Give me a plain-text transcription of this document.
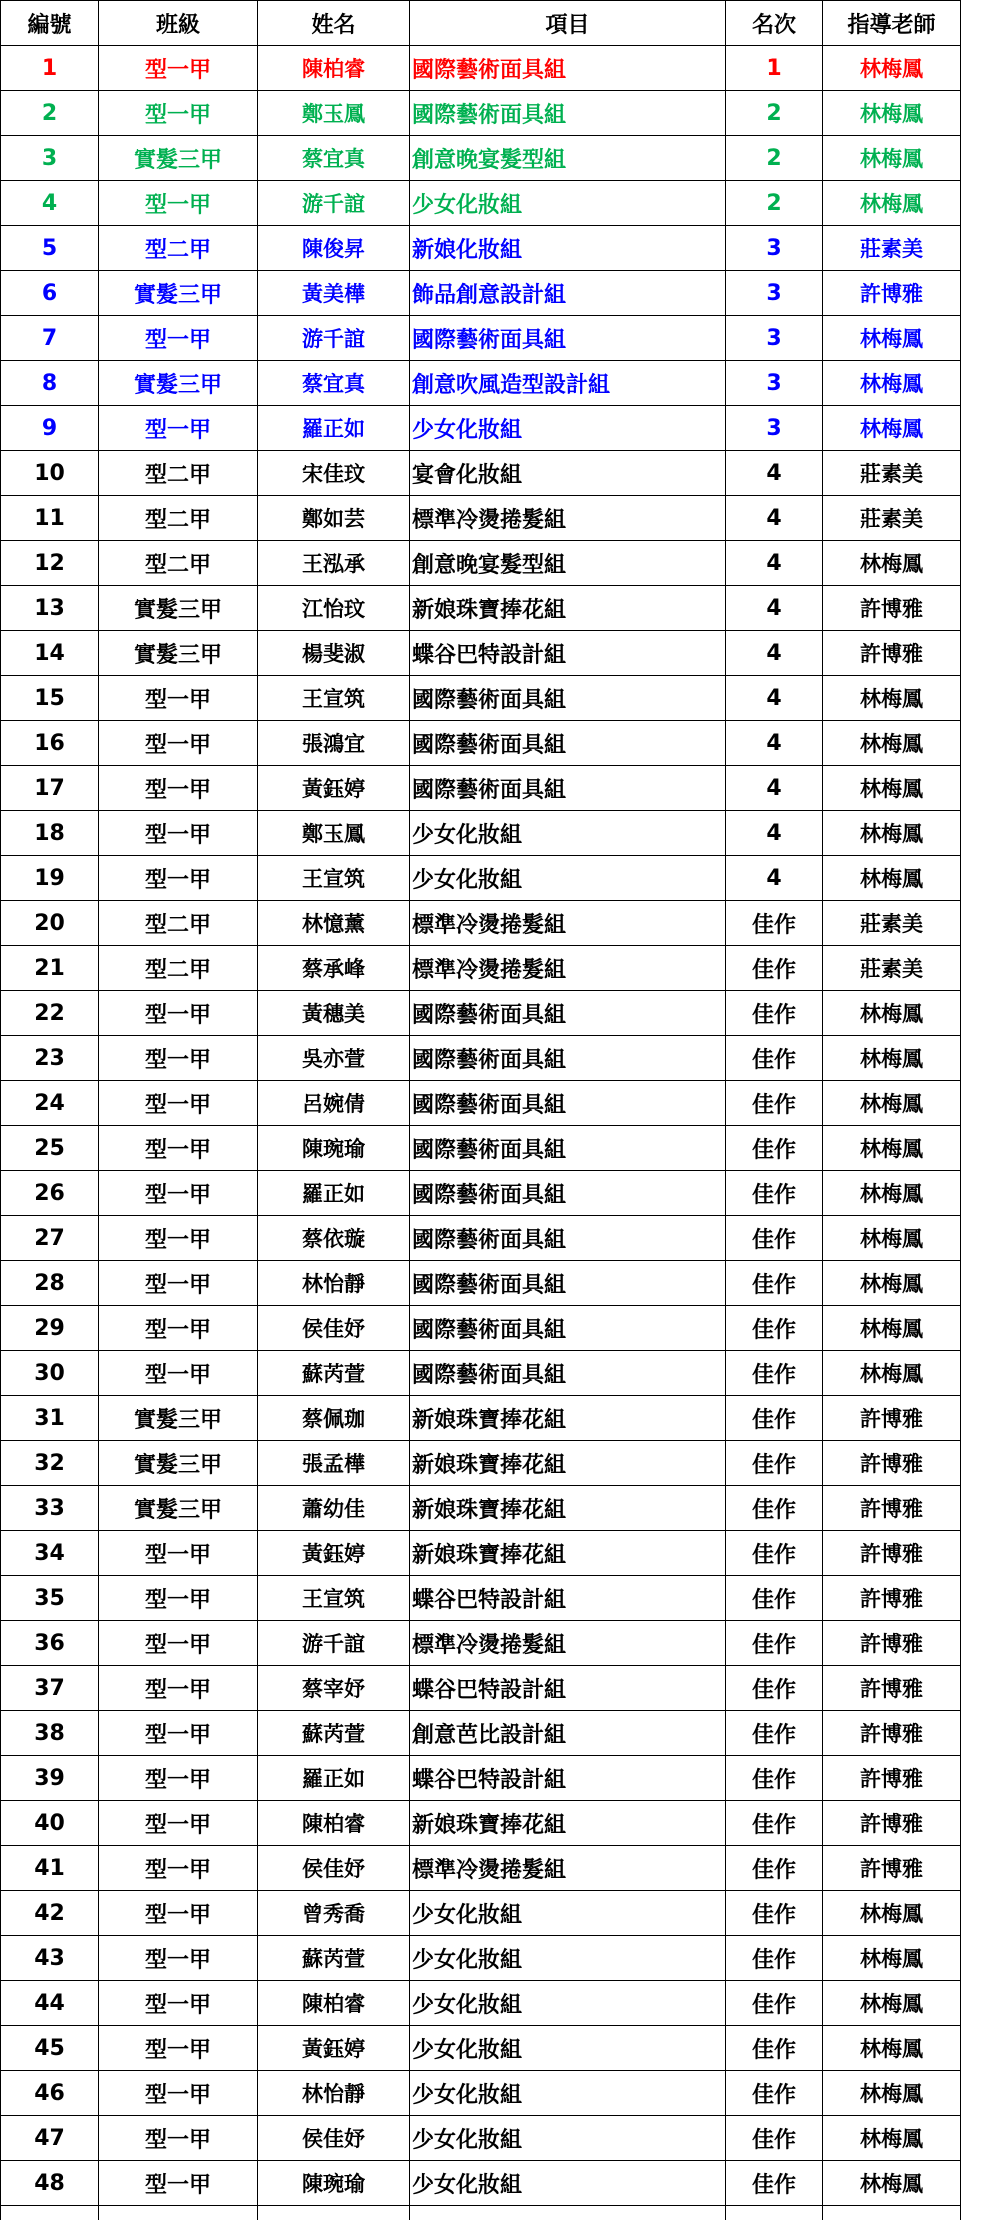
編號	班級	姓名	項目	名次	指導老師
1	型一甲	陳柏睿	國際藝術面具組	1	林梅鳳
2	型一甲	鄭玉鳳	國際藝術面具組	2	林梅鳳
3	實髮三甲	蔡宜真	創意晚宴髮型組	2	林梅鳳
4	型一甲	游千誼	少女化妝組	2	林梅鳳
5	型二甲	陳俊昇	新娘化妝組	3	莊素美
6	實髮三甲	黃美樺	飾品創意設計組	3	許博雅
7	型一甲	游千誼	國際藝術面具組	3	林梅鳳
8	實髮三甲	蔡宜真	創意吹風造型設計組	3	林梅鳳
9	型一甲	羅正如	少女化妝組	3	林梅鳳
10	型二甲	宋佳玟	宴會化妝組	4	莊素美
11	型二甲	鄭如芸	標準冷燙捲髮組	4	莊素美
12	型二甲	王泓承	創意晚宴髮型組	4	林梅鳳
13	實髮三甲	江怡玟	新娘珠寶捧花組	4	許博雅
14	實髮三甲	楊斐淑	蝶谷巴特設計組	4	許博雅
15	型一甲	王宣筑	國際藝術面具組	4	林梅鳳
16	型一甲	張鴻宜	國際藝術面具組	4	林梅鳳
17	型一甲	黃鈺婷	國際藝術面具組	4	林梅鳳
18	型一甲	鄭玉鳳	少女化妝組	4	林梅鳳
19	型一甲	王宣筑	少女化妝組	4	林梅鳳
20	型二甲	林憶薰	標準冷燙捲髮組	佳作	莊素美
21	型二甲	蔡承峰	標準冷燙捲髮組	佳作	莊素美
22	型一甲	黃穗美	國際藝術面具組	佳作	林梅鳳
23	型一甲	吳亦萱	國際藝術面具組	佳作	林梅鳳
24	型一甲	呂婉倩	國際藝術面具組	佳作	林梅鳳
25	型一甲	陳琬瑜	國際藝術面具組	佳作	林梅鳳
26	型一甲	羅正如	國際藝術面具組	佳作	林梅鳳
27	型一甲	蔡依璇	國際藝術面具組	佳作	林梅鳳
28	型一甲	林怡靜	國際藝術面具組	佳作	林梅鳳
29	型一甲	侯佳妤	國際藝術面具組	佳作	林梅鳳
30	型一甲	蘇芮萱	國際藝術面具組	佳作	林梅鳳
31	實髮三甲	蔡佩珈	新娘珠寶捧花組	佳作	許博雅
32	實髮三甲	張孟樺	新娘珠寶捧花組	佳作	許博雅
33	實髮三甲	蕭幼佳	新娘珠寶捧花組	佳作	許博雅
34	型一甲	黃鈺婷	新娘珠寶捧花組	佳作	許博雅
35	型一甲	王宣筑	蝶谷巴特設計組	佳作	許博雅
36	型一甲	游千誼	標準冷燙捲髮組	佳作	許博雅
37	型一甲	蔡宰妤	蝶谷巴特設計組	佳作	許博雅
38	型一甲	蘇芮萱	創意芭比設計組	佳作	許博雅
39	型一甲	羅正如	蝶谷巴特設計組	佳作	許博雅
40	型一甲	陳柏睿	新娘珠寶捧花組	佳作	許博雅
41	型一甲	侯佳妤	標準冷燙捲髮組	佳作	許博雅
42	型一甲	曾秀喬	少女化妝組	佳作	林梅鳳
43	型一甲	蘇芮萱	少女化妝組	佳作	林梅鳳
44	型一甲	陳柏睿	少女化妝組	佳作	林梅鳳
45	型一甲	黃鈺婷	少女化妝組	佳作	林梅鳳
46	型一甲	林怡靜	少女化妝組	佳作	林梅鳳
47	型一甲	侯佳妤	少女化妝組	佳作	林梅鳳
48	型一甲	陳琬瑜	少女化妝組	佳作	林梅鳳
